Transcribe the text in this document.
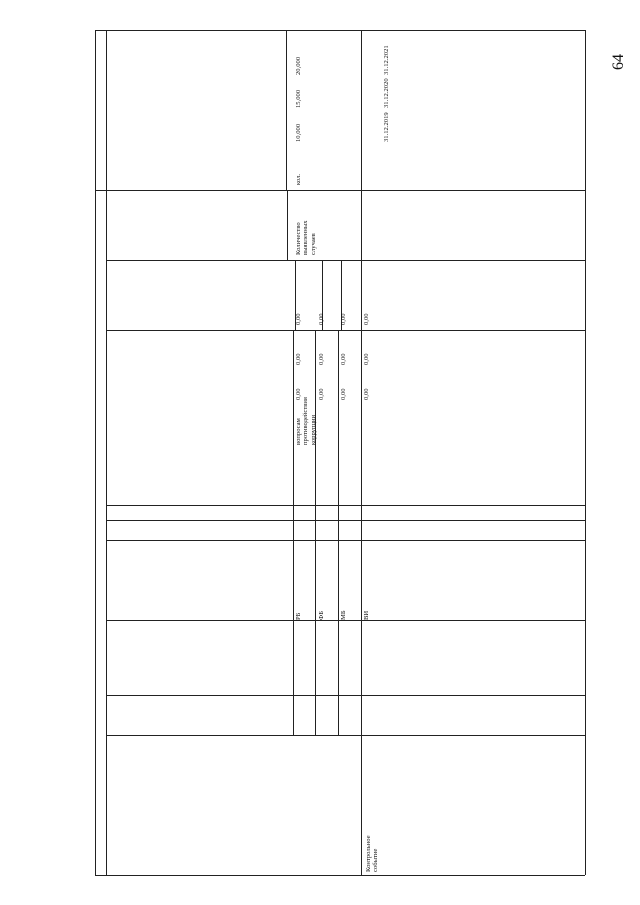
64
вопросам противодействия коррупции
Количество выявленных случаев
кол.
10,000
15,000
20,000
31.12.2019
31.12.2020
31.12.2021
РБ ФБ МБ ВИ
0,00
0,00
0,00
0,00
0,00
0,00
0,00
0,00
0,00
0,00
0,00
0,00
Контрольное событие
